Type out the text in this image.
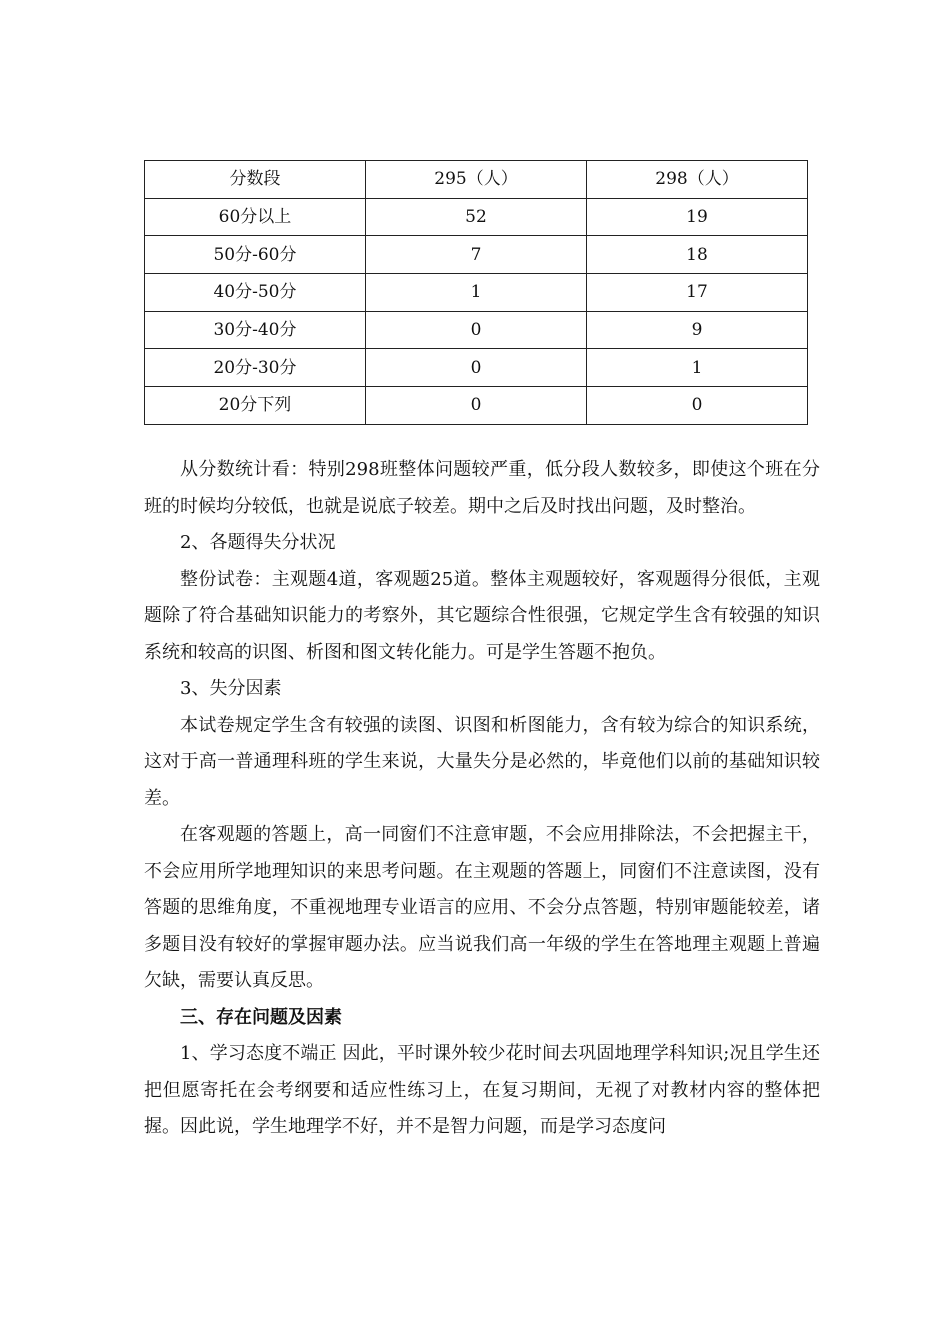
分数段	295（人）	298（人）
60分以上	52	19
50分-60分	7	18
40分-50分	1	17
30分-40分	0	9
20分-30分	0	1
20分下列	0	0

从分数统计看：特别298班整体问题较严重，低分段人数较多，即使这个班在分班的时候均分较低，也就是说底子较差。期中之后及时找出问题，及时整治。

2、各题得失分状况

整份试卷：主观题4道，客观题25道。整体主观题较好，客观题得分很低，主观题除了符合基础知识能力的考察外，其它题综合性很强，它规定学生含有较强的知识系统和较高的识图、析图和图文转化能力。可是学生答题不抱负。

3、失分因素

本试卷规定学生含有较强的读图、识图和析图能力，含有较为综合的知识系统，这对于高一普通理科班的学生来说，大量失分是必然的，毕竟他们以前的基础知识较差。

在客观题的答题上，高一同窗们不注意审题，不会应用排除法，不会把握主干，不会应用所学地理知识的来思考问题。在主观题的答题上，同窗们不注意读图，没有答题的思维角度，不重视地理专业语言的应用、不会分点答题，特别审题能较差，诸多题目没有较好的掌握审题办法。应当说我们高一年级的学生在答地理主观题上普遍欠缺，需要认真反思。

三、存在问题及因素

1、学习态度不端正 因此，平时课外较少花时间去巩固地理学科知识;况且学生还把但愿寄托在会考纲要和适应性练习上，在复习期间，无视了对教材内容的整体把握。因此说，学生地理学不好，并不是智力问题，而是学习态度问
